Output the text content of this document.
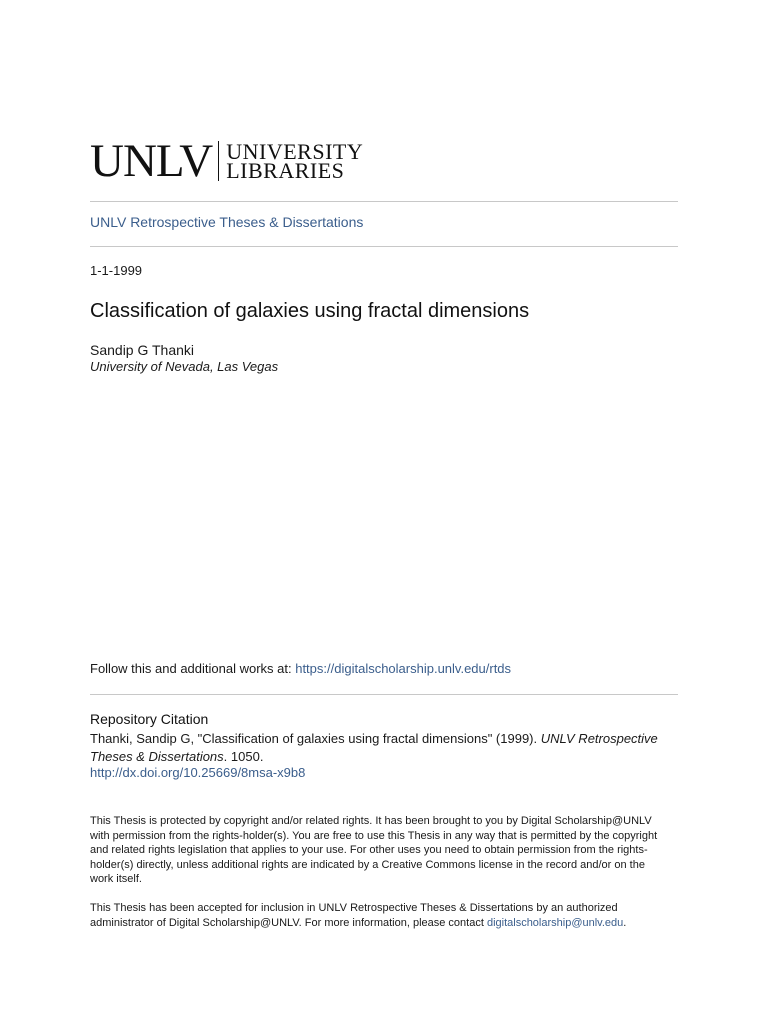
UNLV UNIVERSITY
LIBRARIES
UNLV Retrospective Theses & Dissertations
1-1-1999
Classification of galaxies using fractal dimensions
Sandip G Thanki
University of Nevada, Las Vegas
Follow this and additional works at: https://digitalscholarship.unlv.edu/rtds
Repository Citation
Thanki, Sandip G, "Classification of galaxies using fractal dimensions" (1999). UNLV Retrospective Theses & Dissertations. 1050.
http://dx.doi.org/10.25669/8msa-x9b8
This Thesis is protected by copyright and/or related rights. It has been brought to you by Digital Scholarship@UNLV with permission from the rights-holder(s). You are free to use this Thesis in any way that is permitted by the copyright and related rights legislation that applies to your use. For other uses you need to obtain permission from the rights-holder(s) directly, unless additional rights are indicated by a Creative Commons license in the record and/or on the work itself.
This Thesis has been accepted for inclusion in UNLV Retrospective Theses & Dissertations by an authorized administrator of Digital Scholarship@UNLV. For more information, please contact digitalscholarship@unlv.edu.
